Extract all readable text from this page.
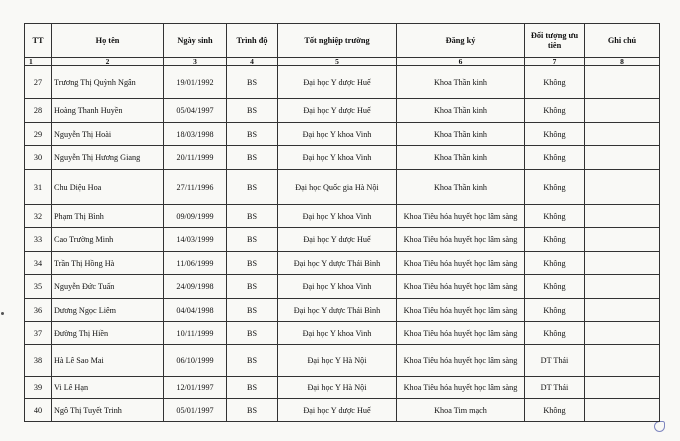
TT	Họ tên	Ngày sinh	Trình độ	Tốt nghiệp trường	Đăng ký	Đối tượng ưu tiên	Ghi chú
1	2	3	4	5	6	7	8
27	Trương Thị Quỳnh Ngân	19/01/1992	BS	Đại học Y dược Huế	Khoa Thần kinh	Không	
28	Hoàng Thanh Huyền	05/04/1997	BS	Đại học Y dược Huế	Khoa Thần kinh	Không	
29	Nguyễn Thị Hoài	18/03/1998	BS	Đại học Y khoa Vinh	Khoa Thần kinh	Không	
30	Nguyễn Thị Hương Giang	20/11/1999	BS	Đại học Y khoa Vinh	Khoa Thần kinh	Không	
31	Chu Diệu Hoa	27/11/1996	BS	Đại học Quốc gia Hà Nội	Khoa Thần kinh	Không	
32	Phạm Thị Bình	09/09/1999	BS	Đại học Y khoa Vinh	Khoa Tiêu hóa huyết học lâm sàng	Không	
33	Cao Trường Minh	14/03/1999	BS	Đại học Y dược Huế	Khoa Tiêu hóa huyết học lâm sàng	Không	
34	Trần Thị Hồng Hà	11/06/1999	BS	Đại học Y dược Thái Bình	Khoa Tiêu hóa huyết học lâm sàng	Không	
35	Nguyễn Đức Tuấn	24/09/1998	BS	Đại học Y khoa Vinh	Khoa Tiêu hóa huyết học lâm sàng	Không	
36	Dương Ngọc Liêm	04/04/1998	BS	Đại học Y dược Thái Bình	Khoa Tiêu hóa huyết học lâm sàng	Không	
37	Đường Thị Hiền	10/11/1999	BS	Đại học Y khoa Vinh	Khoa Tiêu hóa huyết học lâm sàng	Không	
38	Hà Lê Sao Mai	06/10/1999	BS	Đại học Y Hà Nội	Khoa Tiêu hóa huyết học lâm sàng	DT Thái	
39	Vi Lê Hạn	12/01/1997	BS	Đại học Y Hà Nội	Khoa Tiêu hóa huyết học lâm sàng	DT Thái	
40	Ngô Thị Tuyết Trinh	05/01/1997	BS	Đại học Y dược Huế	Khoa Tim mạch	Không	
